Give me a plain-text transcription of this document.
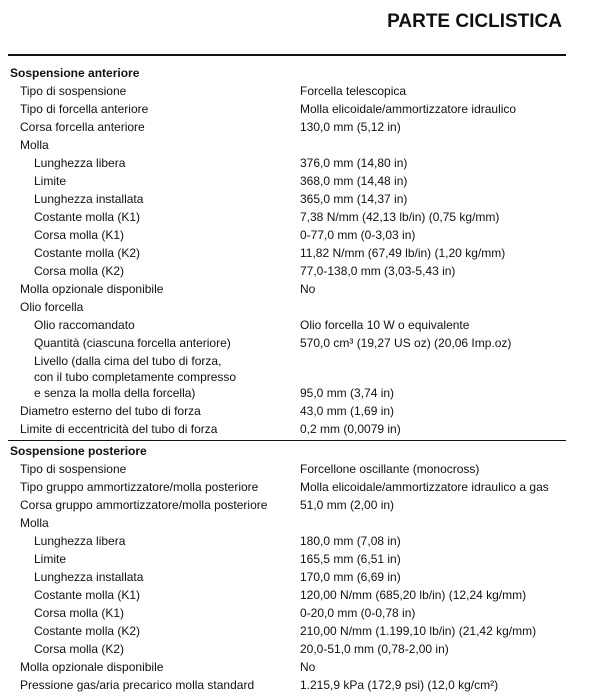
PARTE CICLISTICA
Sospensione anteriore
Tipo di sospensione	Forcella telescopica
Tipo di forcella anteriore	Molla elicoidale/ammortizzatore idraulico
Corsa forcella anteriore	130,0 mm (5,12 in)
Molla
Lunghezza libera	376,0 mm (14,80 in)
Limite	368,0 mm (14,48 in)
Lunghezza installata	365,0 mm (14,37 in)
Costante molla (K1)	7,38 N/mm (42,13 lb/in) (0,75 kg/mm)
Corsa molla (K1)	0-77,0 mm (0-3,03 in)
Costante molla (K2)	11,82 N/mm (67,49 lb/in) (1,20 kg/mm)
Corsa molla (K2)	77,0-138,0 mm (3,03-5,43 in)
Molla opzionale disponibile	No
Olio forcella
Olio raccomandato	Olio forcella 10 W o equivalente
Quantità (ciascuna forcella anteriore)	570,0 cm³ (19,27 US oz) (20,06 Imp.oz)
Livello (dalla cima del tubo di forza,
con il tubo completamente compresso
e senza la molla della forcella)	95,0 mm (3,74 in)
Diametro esterno del tubo di forza	43,0 mm (1,69 in)
Limite di eccentricità del tubo di forza	0,2 mm (0,0079 in)
Sospensione posteriore
Tipo di sospensione	Forcellone oscillante (monocross)
Tipo gruppo ammortizzatore/molla posteriore	Molla elicoidale/ammortizzatore idraulico a gas
Corsa gruppo ammortizzatore/molla posteriore	51,0 mm (2,00 in)
Molla
Lunghezza libera	180,0 mm (7,08 in)
Limite	165,5 mm (6,51 in)
Lunghezza installata	170,0 mm (6,69 in)
Costante molla (K1)	120,00 N/mm (685,20 lb/in) (12,24 kg/mm)
Corsa molla (K1)	0-20,0 mm (0-0,78 in)
Costante molla (K2)	210,00 N/mm (1.199,10 lb/in) (21,42 kg/mm)
Corsa molla (K2)	20,0-51,0 mm (0,78-2,00 in)
Molla opzionale disponibile	No
Pressione gas/aria precarico molla standard	1.215,9 kPa (172,9 psi) (12,0 kg/cm²)
